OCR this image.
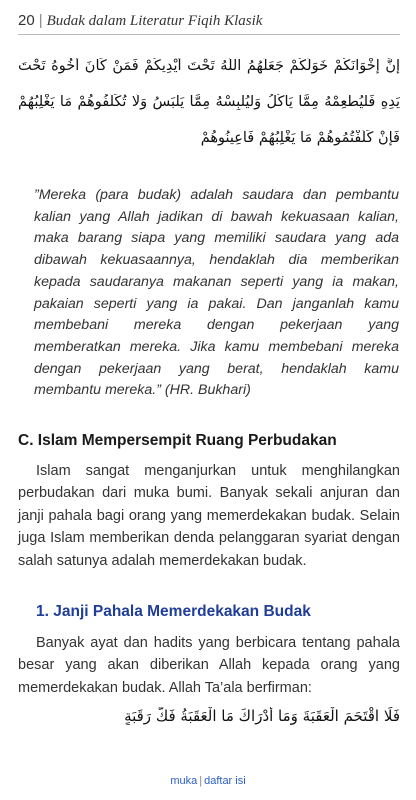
20 | Budak dalam Literatur Fiqih Klasik
إِنَّ إِخْوَانَكُمْ خَوَلُكُمْ جَعَلَهُمُ اللَّهُ تَحْتَ أَيْدِيكُمْ فَمَنْ كَانَ أَخُوهُ تَحْتَ
يَدِهِ فَلْيُطْعِمْهُ مِمَّا يَأْكُلُ وَلْيُلْبِسْهُ مِمَّا يَلْبَسُ وَلَا تُكَلِّفُوهُمْ مَا يَغْلِبُهُمْ
فَإِنْ كَلَّفْتُمُوهُمْ مَا يَغْلِبُهُمْ فَأَعِينُوهُمْ
”Mereka (para budak) adalah saudara dan pembantu kalian yang Allah jadikan di bawah kekuasaan kalian, maka barang siapa yang memiliki saudara yang ada dibawah kekuasaannya, hendaklah dia memberikan kepada saudaranya makanan seperti yang ia makan, pakaian seperti yang ia pakai. Dan janganlah kamu membebani mereka dengan pekerjaan yang memberatkan mereka. Jika kamu membebani mereka dengan pekerjaan yang berat, hendaklah kamu membantu mereka.” (HR. Bukhari)
C. Islam Mempersempit Ruang Perbudakan

Islam sangat menganjurkan untuk menghilangkan perbudakan dari muka bumi. Banyak sekali anjuran dan janji pahala bagi orang yang memerdekakan budak. Selain juga Islam memberikan denda pelanggaran syariat dengan salah satunya adalah memerdekakan budak.

1. Janji Pahala Memerdekakan Budak

Banyak ayat dan hadits yang berbicara tentang pahala besar yang akan diberikan Allah kepada orang yang memerdekakan budak. Allah Ta’ala berfirman:

فَلَا اقْتَحَمَ الْعَقَبَةَ وَمَا أَدْرَاكَ مَا الْعَقَبَةُ فَكُّ رَقَبَةٍ
muka | daftar isi
